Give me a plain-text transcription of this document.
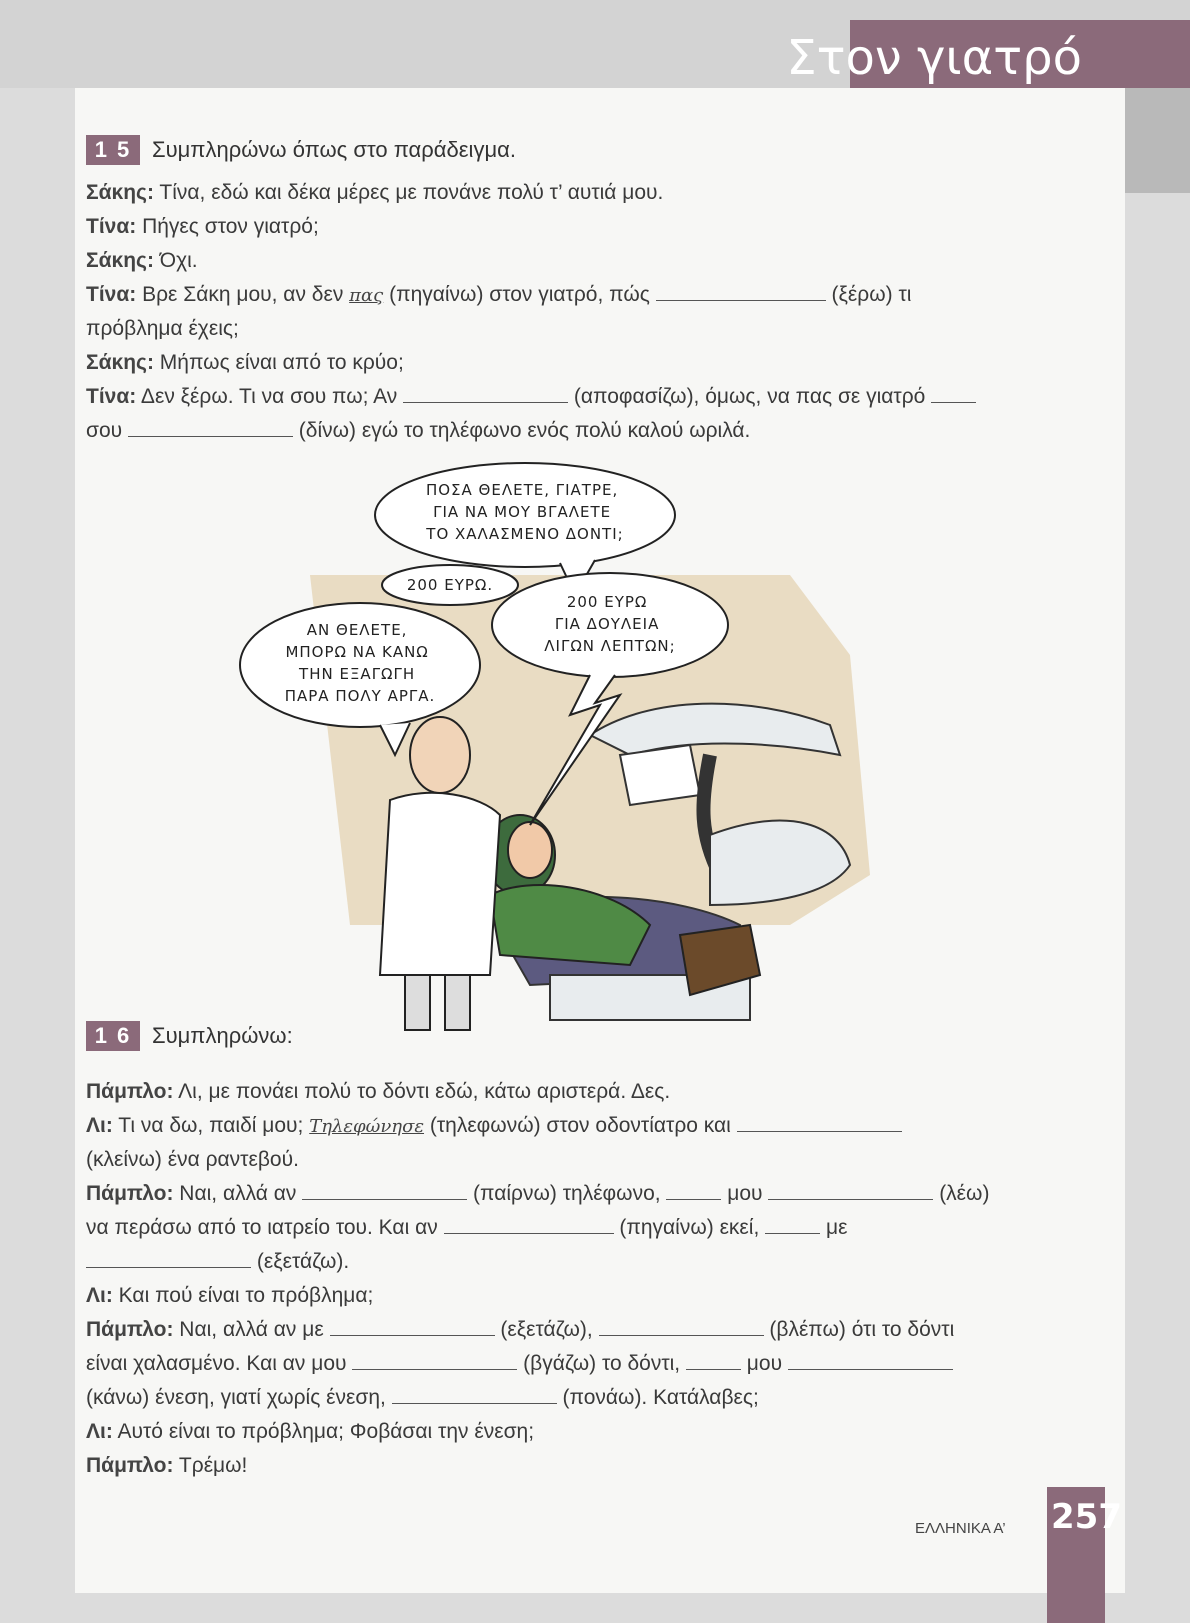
Στον γιατρό
1 5 Συμπληρώνω όπως στο παράδειγμα.
Σάκης: Τίνα, εδώ και δέκα μέρες με πονάνε πολύ τ’ αυτιά μου.
Τίνα: Πήγες στον γιατρό;
Σάκης: Όχι.
Τίνα: Βρε Σάκη μου, αν δεν πας (πηγαίνω) στον γιατρό, πώς	(ξέρω) τι
πρόβλημα έχεις;
Σάκης: Μήπως είναι από το κρύο;
Τίνα: Δεν ξέρω. Τι να σου πω; Αν	(αποφασίζω), όμως, να πας σε γιατρό
σου	(δίνω) εγώ το τηλέφωνο ενός πολύ καλού ωριλά.
ΠΟΣΑ ΘΕΛΕΤΕ, ΓΙΑΤΡΕ, ΓΙΑ ΝΑ ΜΟΥ ΒΓΑΛΕΤΕ ΤΟ ΧΑΛΑΣΜΕΝΟ ΔΟΝΤΙ;
200 ΕΥΡΩ.
ΑΝ ΘΕΛΕΤΕ, ΜΠΟΡΩ ΝΑ ΚΑΝΩ ΤΗΝ ΕΞΑΓΩΓΗ ΠΑΡΑ ΠΟΛΥ ΑΡΓΑ.
200 ΕΥΡΩ ΓΙΑ ΔΟΥΛΕΙΑ ΛΙΓΩΝ ΛΕΠΤΩΝ;
1 6 Συμπληρώνω:
Πάμπλο: Λι, με πονάει πολύ το δόντι εδώ, κάτω αριστερά. Δες.
Λι: Τι να δω, παιδί μου; Τηλεφώνησε (τηλεφωνώ) στον οδοντίατρο και
(κλείνω) ένα ραντεβού.
Πάμπλο: Ναι, αλλά αν	(παίρνω) τηλέφωνο,	μου	(λέω)
να περάσω από το ιατρείο του. Και αν	(πηγαίνω) εκεί,	με
(εξετάζω).
Λι: Και πού είναι το πρόβλημα;
Πάμπλο: Ναι, αλλά αν με	(εξετάζω),	(βλέπω) ότι το δόντι
είναι χαλασμένο. Και αν μου	(βγάζω) το δόντι,	μου
(κάνω) ένεση, γιατί χωρίς ένεση,	(πονάω). Κατάλαβες;
Λι: Αυτό είναι το πρόβλημα; Φοβάσαι την ένεση;
Πάμπλο: Τρέμω!
ΕΛΛΗΝΙΚΑ Α’ 257
